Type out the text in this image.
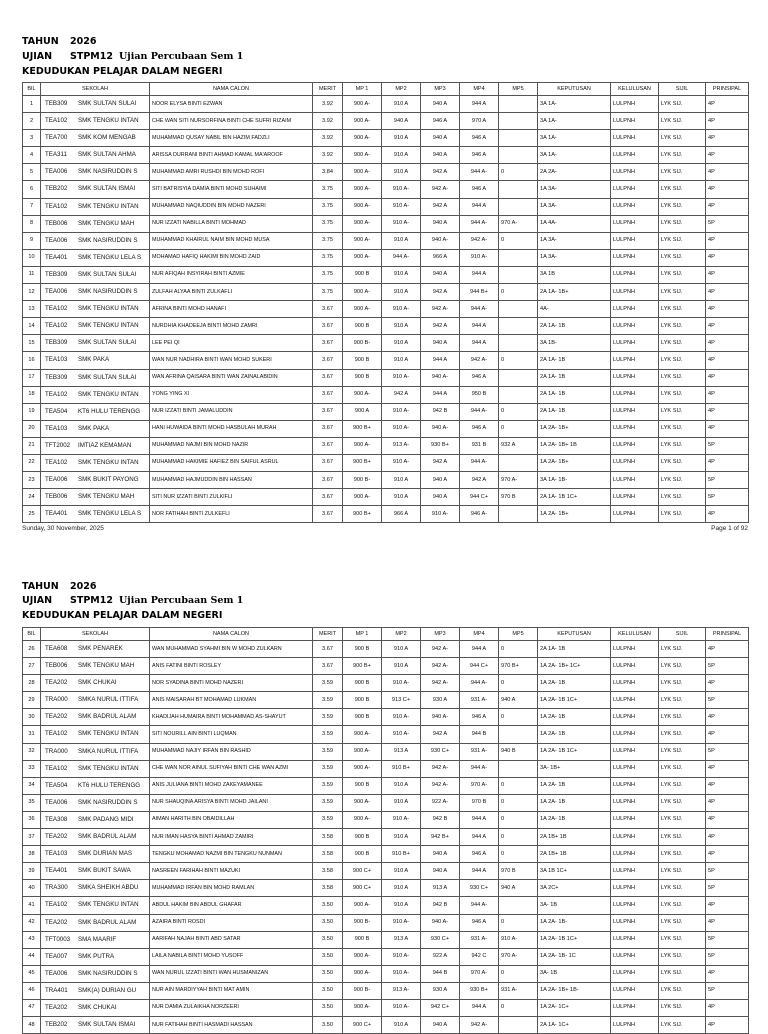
TAHUN 2026
UJIAN STPM12 Ujian Percubaan Sem 1
KEDUDUKAN PELAJAR DALAM NEGERI
BIL	SEKOLAH	NAMA CALON	MERIT	MP 1	MP2	MP3	MP4	MP5	KEPUTUSAN	KELULUSAN	SIJIL	PRINSIPAL
1	TEB309 SMK SULTAN SULAI	NOOR ELYSA BINTI EZWAN	3.92	900 A-	910 A	940 A	944 A		3A 1A-	LULPNH	LYK SIJ.	4P
2	TEA102 SMK TENGKU INTAN	CHE WAN SITI NURSORFINA BINTI CHE SUFRI RIZAIM	3.92	900 A-	940 A	946 A	970 A		3A 1A-	LULPNH	LYK SIJ.	4P
3	TEA700 SMK KOM MENGAB	MUHAMMAD QUSAY NABIL BIN HAZIM FADZLI	3.92	900 A-	910 A	940 A	946 A		3A 1A-	LULPNH	LYK SIJ.	4P
4	TEA311 SMK SULTAN AHMA	ARISSA DURRANI BINTI AHMAD KAMAL MA'AROOF	3.92	900 A-	910 A	940 A	946 A		3A 1A-	LULPNH	LYK SIJ.	4P
5	TEA006 SMK NASIRUDDIN S	MUHAMMAD AMRI RUSHDI BIN MOHD ROFI	3.84	900 A-	910 A	942 A	944 A-	0	2A 2A-	LULPNH	LYK SIJ.	4P
6	TEB202 SMK SULTAN ISMAI	SITI BATRISYIA DAMIA BINTI MOHD SUHAIMI	3.75	900 A-	910 A-	942 A-	946 A		1A 3A-	LULPNH	LYK SIJ.	4P
7	TEA102 SMK TENGKU INTAN	MUHAMMAD NAQIUDDIN BIN MOHD NAZERI	3.75	900 A-	910 A-	942 A	944 A		1A 3A-	LULPNH	LYK SIJ.	4P
8	TEB006 SMK TENGKU MAH	NUR IZZATI NABILLA BINTI MOHMAD	3.75	900 A-	910 A-	940 A	944 A-	970 A-	1A 4A-	LULPNH	LYK SIJ.	5P
9	TEA006 SMK NASIRUDDIN S	MUHAMMAD KHAIRUL NAIM BIN MOHD MUSA	3.75	900 A-	910 A	940 A-	942 A-	0	1A 3A-	LULPNH	LYK SIJ.	4P
10	TEA401 SMK TENGKU LELA S	MOHAMAD HAFIQ HAKIMI BIN MOHD ZAID	3.75	900 A-	944 A-	966 A	910 A-		1A 3A-	LULPNH	LYK SIJ.	4P
11	TEB309 SMK SULTAN SULAI	NUR AFIQAH INSYIRAH BINTI AZMIE	3.75	900 B	910 A	940 A	944 A		3A 1B	LULPNH	LYK SIJ.	4P
12	TEA006 SMK NASIRUDDIN S	ZULFAH ALYAA BINTI ZULKAFLI	3.75	900 A-	910 A	942 A	944 B+	0	2A 1A- 1B+	LULPNH	LYK SIJ.	4P
13	TEA102 SMK TENGKU INTAN	AFRINA BINTI MOHD HANAFI	3.67	900 A-	910 A-	942 A-	944 A-		4A-	LULPNH	LYK SIJ.	4P
14	TEA102 SMK TENGKU INTAN	NURDHIA KHADEEJA BINTI MOHD ZAMRI	3.67	900 B	910 A	942 A	944 A		2A 1A- 1B	LULPNH	LYK SIJ.	4P
15	TEB309 SMK SULTAN SULAI	LEE PEI QI	3.67	900 B-	910 A	940 A	944 A		3A 1B-	LULPNH	LYK SIJ.	4P
16	TEA103 SMK PAKA	WAN NUR NADHIRA BINTI WAN MOHD SUKERI	3.67	900 B	910 A	944 A	942 A-	0	2A 1A- 1B	LULPNH	LYK SIJ.	4P
17	TEB309 SMK SULTAN SULAI	WAN AFRINA QAISARA BINTI WAN ZAINALABIDIN	3.67	900 B	910 A-	940 A-	946 A		2A 1A- 1B	LULPNH	LYK SIJ.	4P
18	TEA102 SMK TENGKU INTAN	YONG YING XI	3.67	900 A-	942 A	944 A	950 B		2A 1A- 1B	LULPNH	LYK SIJ.	4P
19	TEA504 KT6 HULU TERENGG	NUR IZZATI BINTI JAMALUDDIN	3.67	900 A	910 A-	942 B	944 A-	0	2A 1A- 1B	LULPNH	LYK SIJ.	4P
20	TEA103 SMK PAKA	HANI HUWAIDA BINTI MOHD HASBULAH MURAH	3.67	900 B+	910 A-	940 A-	946 A	0	1A 2A- 1B+	LULPNH	LYK SIJ.	4P
21	TFT2002 IMTIAZ KEMAMAN	MUHAMMAD NAJMI BIN MOHD NAZIR	3.67	900 A-	913 A-	930 B+	931 B	932 A	1A 2A- 1B+ 1B	LULPNH	LYK SIJ.	5P
22	TEA102 SMK TENGKU INTAN	MUHAMMAD HAKIMIE HAFIEZ BIN SAIFUL ASRUL	3.67	900 B+	910 A-	942 A	944 A-		1A 2A- 1B+	LULPNH	LYK SIJ.	4P
23	TEA006 SMK BUKIT PAYONG	MUHAMMAD HAJMUDDIN BIN HASSAN	3.67	900 B-	910 A	940 A	942 A	970 A-	3A 1A- 1B-	LULPNH	LYK SIJ.	5P
24	TEB006 SMK TENGKU MAH	SITI NUR IZZATI BINTI ZULKIFLI	3.67	900 A-	910 A	940 A	944 C+	970 B	2A 1A- 1B 1C+	LULPNH	LYK SIJ.	5P
25	TEA401 SMK TENGKU LELA S	NOR FATIHAH BINTI ZULKEFLI	3.67	900 B+	966 A	910 A-	946 A-		1A 2A- 1B+	LULPNH	LYK SIJ.	4P
Sunday, 30 November, 2025	Page 1 of 92
TAHUN 2026
UJIAN STPM12 Ujian Percubaan Sem 1
KEDUDUKAN PELAJAR DALAM NEGERI
BIL	SEKOLAH	NAMA CALON	MERIT	MP 1	MP2	MP3	MP4	MP5	KEPUTUSAN	KELULUSAN	SIJIL	PRINSIPAL
26	TEA608 SMK PENAREK	WAN MUHAMMAD SYAHMI BIN W MOHD ZULKARN	3.67	900 B	910 A	942 A-	944 A	0	2A 1A- 1B	LULPNH	LYK SIJ.	4P
27	TEB006 SMK TENGKU MAH	ANIS FATINI BINTI ROSLEY	3.67	900 B+	910 A	942 A-	944 C+	970 B+	1A 2A- 1B+ 1C+	LULPNH	LYK SIJ.	5P
28	TEA202 SMK CHUKAI	NOR SYADINA BINTI MOHD NAZERI	3.59	900 B	910 A-	942 A-	944 A-	0	1A 2A- 1B	LULPNH	LYK SIJ.	4P
29	TRA000 SMKA NURUL ITTIFA	ANIS MAISARAH BT MOHAMAD LUKMAN	3.59	900 B	913 C+	930 A	931 A-	940 A	1A 2A- 1B 1C+	LULPNH	LYK SIJ.	5P
30	TEA202 SMK BADRUL ALAM	KHADIJAH HUMAIRA BINTI MOHAMMAD AS-SHAYUT	3.59	900 B	910 A-	940 A-	946 A	0	1A 2A- 1B	LULPNH	LYK SIJ.	4P
31	TEA102 SMK TENGKU INTAN	SITI NOURILL AIN BINTI LUQMAN	3.59	900 A-	910 A-	942 A	944 B		1A 2A- 1B	LULPNH	LYK SIJ.	4P
32	TRA000 SMKA NURUL ITTIFA	MUHAMMAD NAJIY IRFAN BIN RASHID	3.59	900 A-	913 A	930 C+	931 A-	940 B	1A 2A- 1B 1C+	LULPNH	LYK SIJ.	5P
33	TEA102 SMK TENGKU INTAN	CHE WAN NOR AINUL SUFIYAH BINTI CHE WAN AZMI	3.59	900 A-	910 B+	942 A-	944 A-		3A- 1B+	LULPNH	LYK SIJ.	4P
34	TEA504 KT6 HULU TERENGG	ANIS JULIANA BINTI MOHD ZAKEYAMANEE	3.59	900 B	910 A	942 A-	970 A-	0	1A 2A- 1B	LULPNH	LYK SIJ.	4P
35	TEA006 SMK NASIRUDDIN S	NUR SHAUQINA ARISYA BINTI MOHD JAILANI	3.59	900 A-	910 A	922 A-	970 B	0	1A 2A- 1B	LULPNH	LYK SIJ.	4P
36	TEA308 SMK PADANG MIDI	AIMAN HARITH BIN OBAIDILLAH	3.59	900 A-	910 A-	942 B	944 A	0	1A 2A- 1B	LULPNH	LYK SIJ.	4P
37	TEA202 SMK BADRUL ALAM	NUR IMAN HASYA BINTI AHMAD ZAMIRI	3.58	900 B	910 A	942 B+	944 A	0	2A 1B+ 1B	LULPNH	LYK SIJ.	4P
38	TEA103 SMK DURIAN MAS	TENGKU MOHAMAD NAZMI BIN TENGKU NUNMAN	3.58	900 B	910 B+	940 A	946 A	0	2A 1B+ 1B	LULPNH	LYK SIJ.	4P
39	TEA401 SMK BUKIT SAWA	NASREEN FARIHAH BINTI MAZUKI	3.58	900 C+	910 A	940 A	944 A	970 B	3A 1B 1C+	LULPNH	LYK SIJ.	5P
40	TRA300 SMKA SHEIKH ABDU	MUHAMMAD IRFAN BIN MOHD RAMLAN	3.58	900 C+	910 A	913 A	930 C+	940 A	3A 2C+	LULPNH	LYK SIJ.	5P
41	TEA102 SMK TENGKU INTAN	ABDUL HAKIM BIN ABDUL GHAFAR	3.50	900 A-	910 A	942 B	944 A-		3A- 1B	LULPNH	LYK SIJ.	4P
42	TEA202 SMK BADRUL ALAM	AZAIRA BINTI ROSDI	3.50	900 B-	910 A-	940 A-	946 A	0	1A 2A- 1B-	LULPNH	LYK SIJ.	4P
43	TFT0003 SMA MAARIF	AARIFAH NAJAH BINTI ABD SATAR	3.50	900 B	913 A	930 C+	931 A-	910 A-	1A 2A- 1B 1C+	LULPNH	LYK SIJ.	5P
44	TEA007 SMK PUTRA	LAILA NABILA BINTI MOHD YUSOFF	3.50	900 A-	910 A-	922 A	942 C	970 A-	1A 2A- 1B- 1C	LULPNH	LYK SIJ.	5P
45	TEA006 SMK NASIRUDDIN S	WAN NURUL IZZATI BINTI WAN HUSMANIZAN	3.50	900 A-	910 A-	944 B	970 A-	0	3A- 1B	LULPNH	LYK SIJ.	4P
46	TRA401 SMK(A) DURIAN GU	NUR AIN MARDIYYAH BINTI MAT AMIN	3.50	900 B-	913 A-	930 A	930 B+	931 A-	1A 2A- 1B+ 1B-	LULPNH	LYK SIJ.	5P
47	TEA202 SMK CHUKAI	NUR DAMIA ZULAIKHA NORZEERI	3.50	900 A-	910 A-	942 C+	944 A	0	1A 2A- 1C+	LULPNH	LYK SIJ.	4P
48	TEB202 SMK SULTAN ISMAI	NUR FATIHAH BINTI HASMADI HASSAN	3.50	900 C+	910 A	940 A	942 A-		2A 1A- 1C+	LULPNH	LYK SIJ.	4P
